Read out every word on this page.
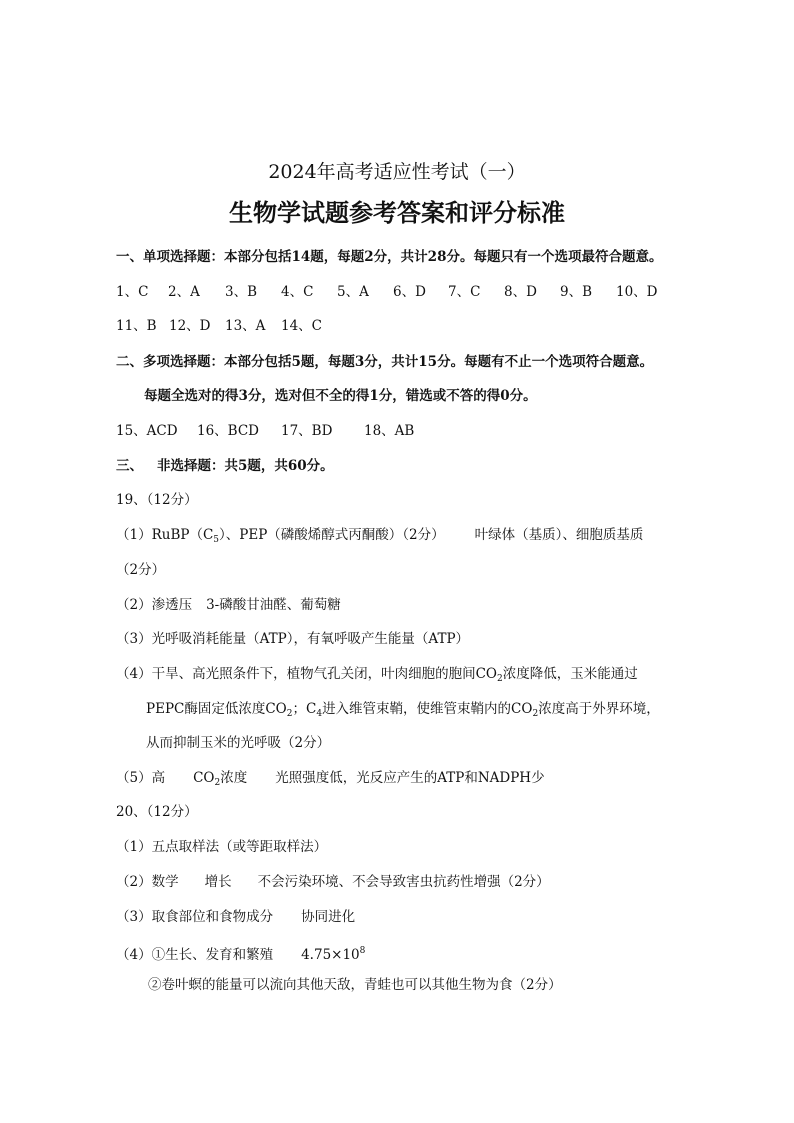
2024年高考适应性考试（一）
生物学试题参考答案和评分标准
一、单项选择题：本部分包括14题，每题2分，共计28分。每题只有一个选项最符合题意。
1、C 2、A 3、B 4、C 5、A 6、D 7、C 8、D 9、B 10、D
11、B 12、D 13、A 14、C
二、多项选择题：本部分包括5题，每题3分，共计15分。每题有不止一个选项符合题意。
每题全选对的得3分，选对但不全的得1分，错选或不答的得0分。
15、ACD 16、BCD 17、BD 18、AB
三、 非选择题：共5题，共60分。
19、（12分）
$(1)RuBP(C_5)$、PEP（磷酸烯醇式丙酮酸）（2分） 叶绿体（基质）、细胞质基质
（2分）
（2）渗透压 3-磷酸甘油醛、葡萄糖
（3）光呼吸消耗能量（ATP），有氧呼吸产生能量（ATP）
（4）干旱、高光照条件下，植物气孔关闭，叶肉细胞的胞间$CO_2$浓度降低，玉米能通过
PEPC酶固定低浓度$CO_2$；$C_4$进入维管束鞘，使维管束鞘内的$CO_2$浓度高于外界环境，
从而抑制玉米的光呼吸（2分）
（5）高 $CO_2$浓度 光照强度低，光反应产生的ATP和NADPH少
20、（12分）
（1）五点取样法（或等距取样法）
（2）数学 增长 不会污染环境、不会导致害虫抗药性增强（2分）
（3）取食部位和食物成分 协同进化
（4）①生长、发育和繁殖 $4.75\times 10^8$
②卷叶螟的能量可以流向其他天敌，青蛙也可以其他生物为食（2分）
